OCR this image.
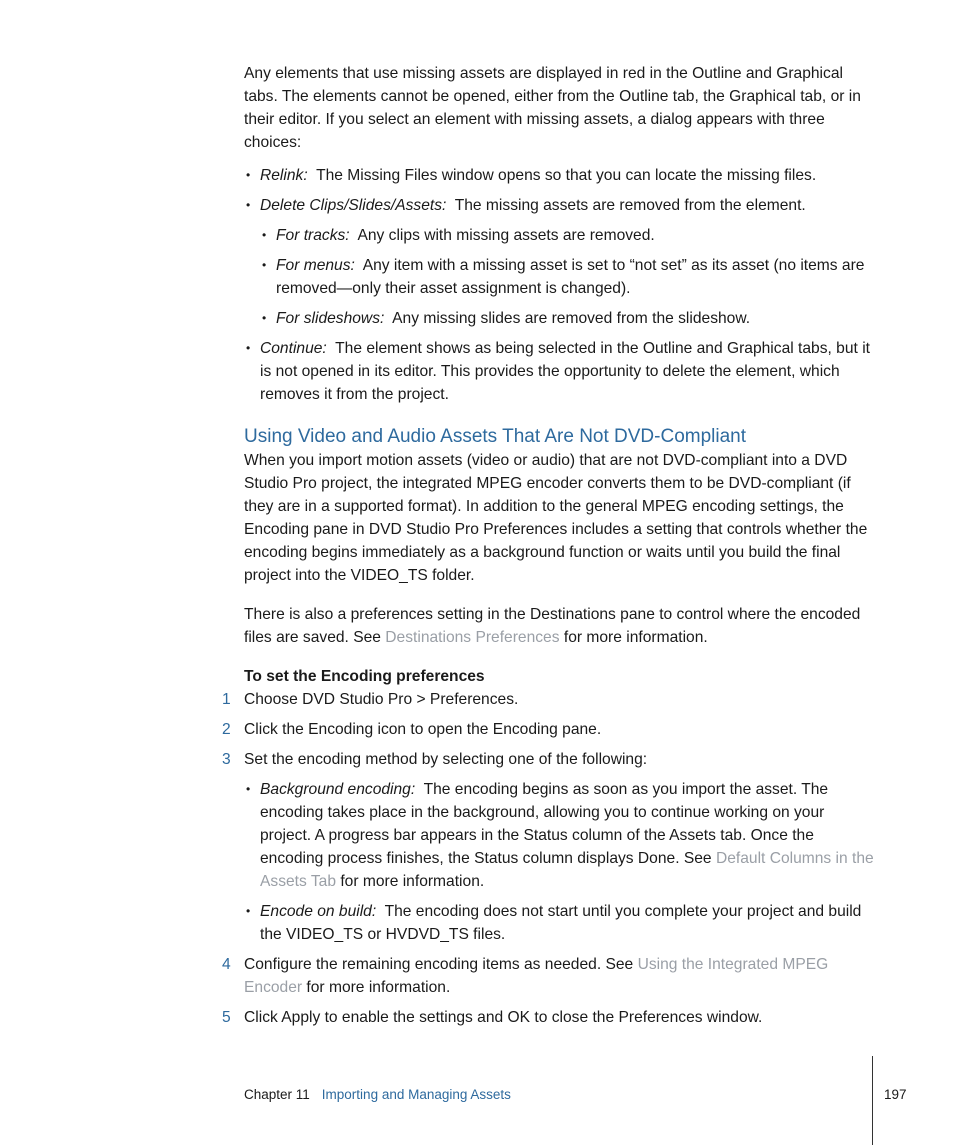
Any elements that use missing assets are displayed in red in the Outline and Graphical tabs. The elements cannot be opened, either from the Outline tab, the Graphical tab, or in their editor. If you select an element with missing assets, a dialog appears with three choices:

• Relink: The Missing Files window opens so that you can locate the missing files.
• Delete Clips/Slides/Assets: The missing assets are removed from the element.
• For tracks: Any clips with missing assets are removed.
• For menus: Any item with a missing asset is set to “not set” as its asset (no items are removed—only their asset assignment is changed).
• For slideshows: Any missing slides are removed from the slideshow.
• Continue: The element shows as being selected in the Outline and Graphical tabs, but it is not opened in its editor. This provides the opportunity to delete the element, which removes it from the project.
Using Video and Audio Assets That Are Not DVD-Compliant

When you import motion assets (video or audio) that are not DVD-compliant into a DVD Studio Pro project, the integrated MPEG encoder converts them to be DVD-compliant (if they are in a supported format). In addition to the general MPEG encoding settings, the Encoding pane in DVD Studio Pro Preferences includes a setting that controls whether the encoding begins immediately as a background function or waits until you build the final project into the VIDEO_TS folder.

There is also a preferences setting in the Destinations pane to control where the encoded files are saved. See Destinations Preferences for more information.

To set the Encoding preferences

1 Choose DVD Studio Pro > Preferences.
2 Click the Encoding icon to open the Encoding pane.
3 Set the encoding method by selecting one of the following:
• Background encoding: The encoding begins as soon as you import the asset. The encoding takes place in the background, allowing you to continue working on your project. A progress bar appears in the Status column of the Assets tab. Once the encoding process finishes, the Status column displays Done. See Default Columns in the Assets Tab for more information.
• Encode on build: The encoding does not start until you complete your project and build the VIDEO_TS or HVDVD_TS files.
4 Configure the remaining encoding items as needed. See Using the Integrated MPEG Encoder for more information.
5 Click Apply to enable the settings and OK to close the Preferences window.
Chapter 11 Importing and Managing Assets	197
